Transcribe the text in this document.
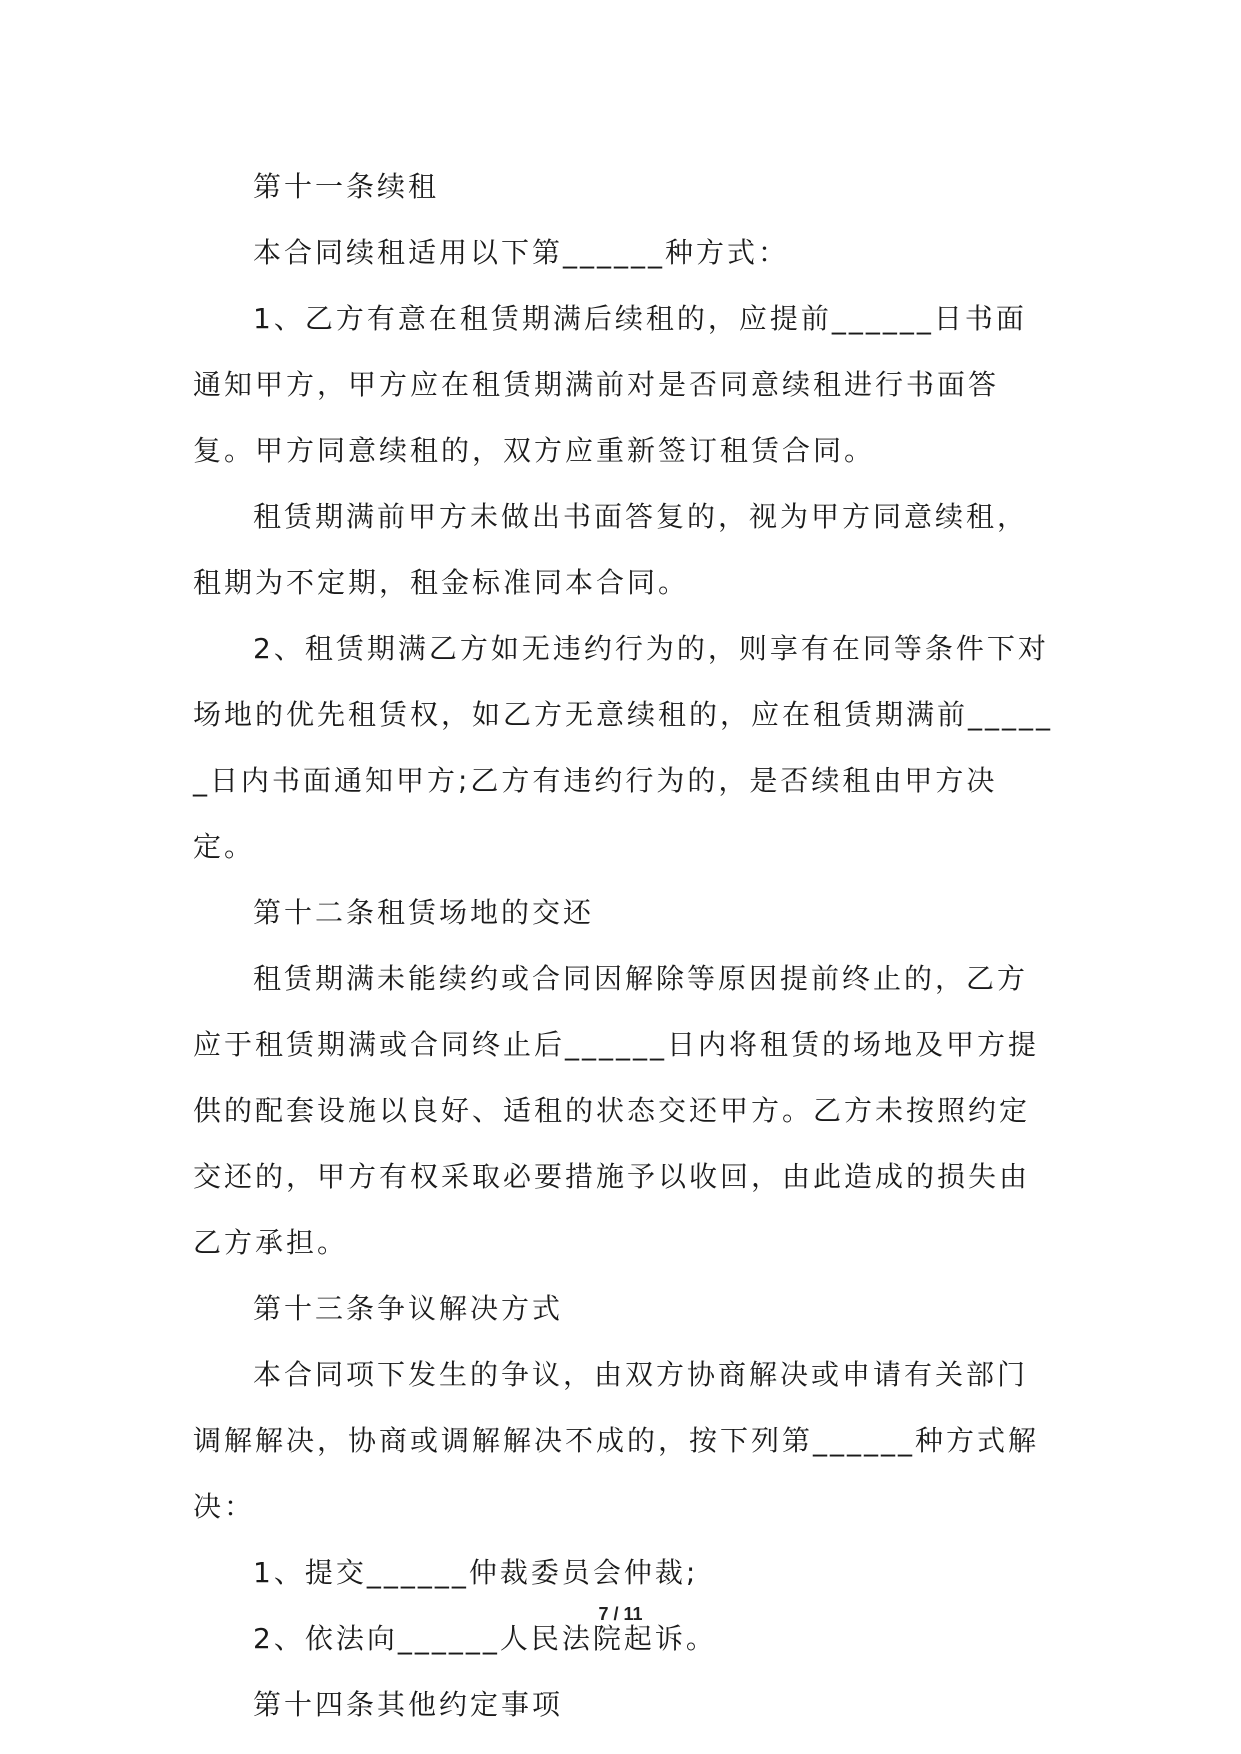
第十一条续租

本合同续租适用以下第______种方式：

1、乙方有意在租赁期满后续租的，应提前______日书面通知甲方，甲方应在租赁期满前对是否同意续租进行书面答复。甲方同意续租的，双方应重新签订租赁合同。

租赁期满前甲方未做出书面答复的，视为甲方同意续租，租期为不定期，租金标准同本合同。

2、租赁期满乙方如无违约行为的，则享有在同等条件下对场地的优先租赁权，如乙方无意续租的，应在租赁期满前______日内书面通知甲方;乙方有违约行为的，是否续租由甲方决定。

第十二条租赁场地的交还

租赁期满未能续约或合同因解除等原因提前终止的，乙方应于租赁期满或合同终止后______日内将租赁的场地及甲方提供的配套设施以良好、适租的状态交还甲方。乙方未按照约定交还的，甲方有权采取必要措施予以收回，由此造成的损失由乙方承担。

第十三条争议解决方式

本合同项下发生的争议，由双方协商解决或申请有关部门调解解决，协商或调解解决不成的，按下列第______种方式解决：

1、提交______仲裁委员会仲裁;

2、依法向______人民法院起诉。

第十四条其他约定事项

7 / 11
